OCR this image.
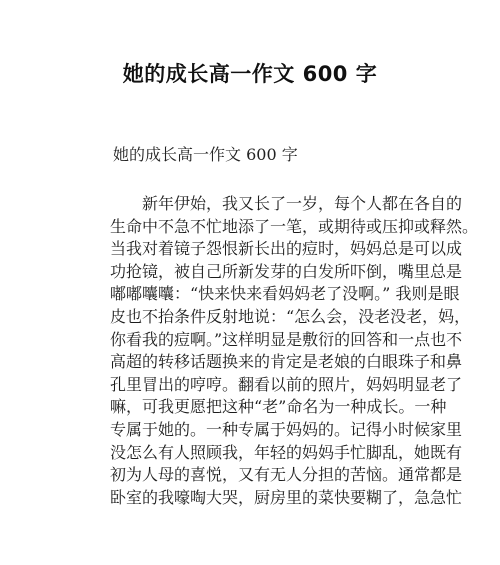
她的成长高一作文 600 字
她的成长高一作文 600 字
新年伊始，我又长了一岁，每个人都在各自的
生命中不急不忙地添了一笔，或期待或压抑或释然。
当我对着镜子怨恨新长出的痘时，妈妈总是可以成
功抢镜，被自己所新发芽的白发所吓倒，嘴里总是
嘟嘟囔囔：“快来快来看妈妈老了没啊。” 我则是眼
皮也不抬条件反射地说：“怎么会，没老没老，妈，
你看我的痘啊。”这样明显是敷衍的回答和一点也不
高超的转移话题换来的肯定是老娘的白眼珠子和鼻
孔里冒出的哼哼。翻看以前的照片，妈妈明显老了
嘛，可我更愿把这种“老”命名为一种成长。一种
专属于她的。一种专属于妈妈的。记得小时候家里
没怎么有人照顾我，年轻的妈妈手忙脚乱，她既有
初为人母的喜悦，又有无人分担的苦恼。通常都是
卧室的我嚎啕大哭，厨房里的菜快要糊了，急急忙
